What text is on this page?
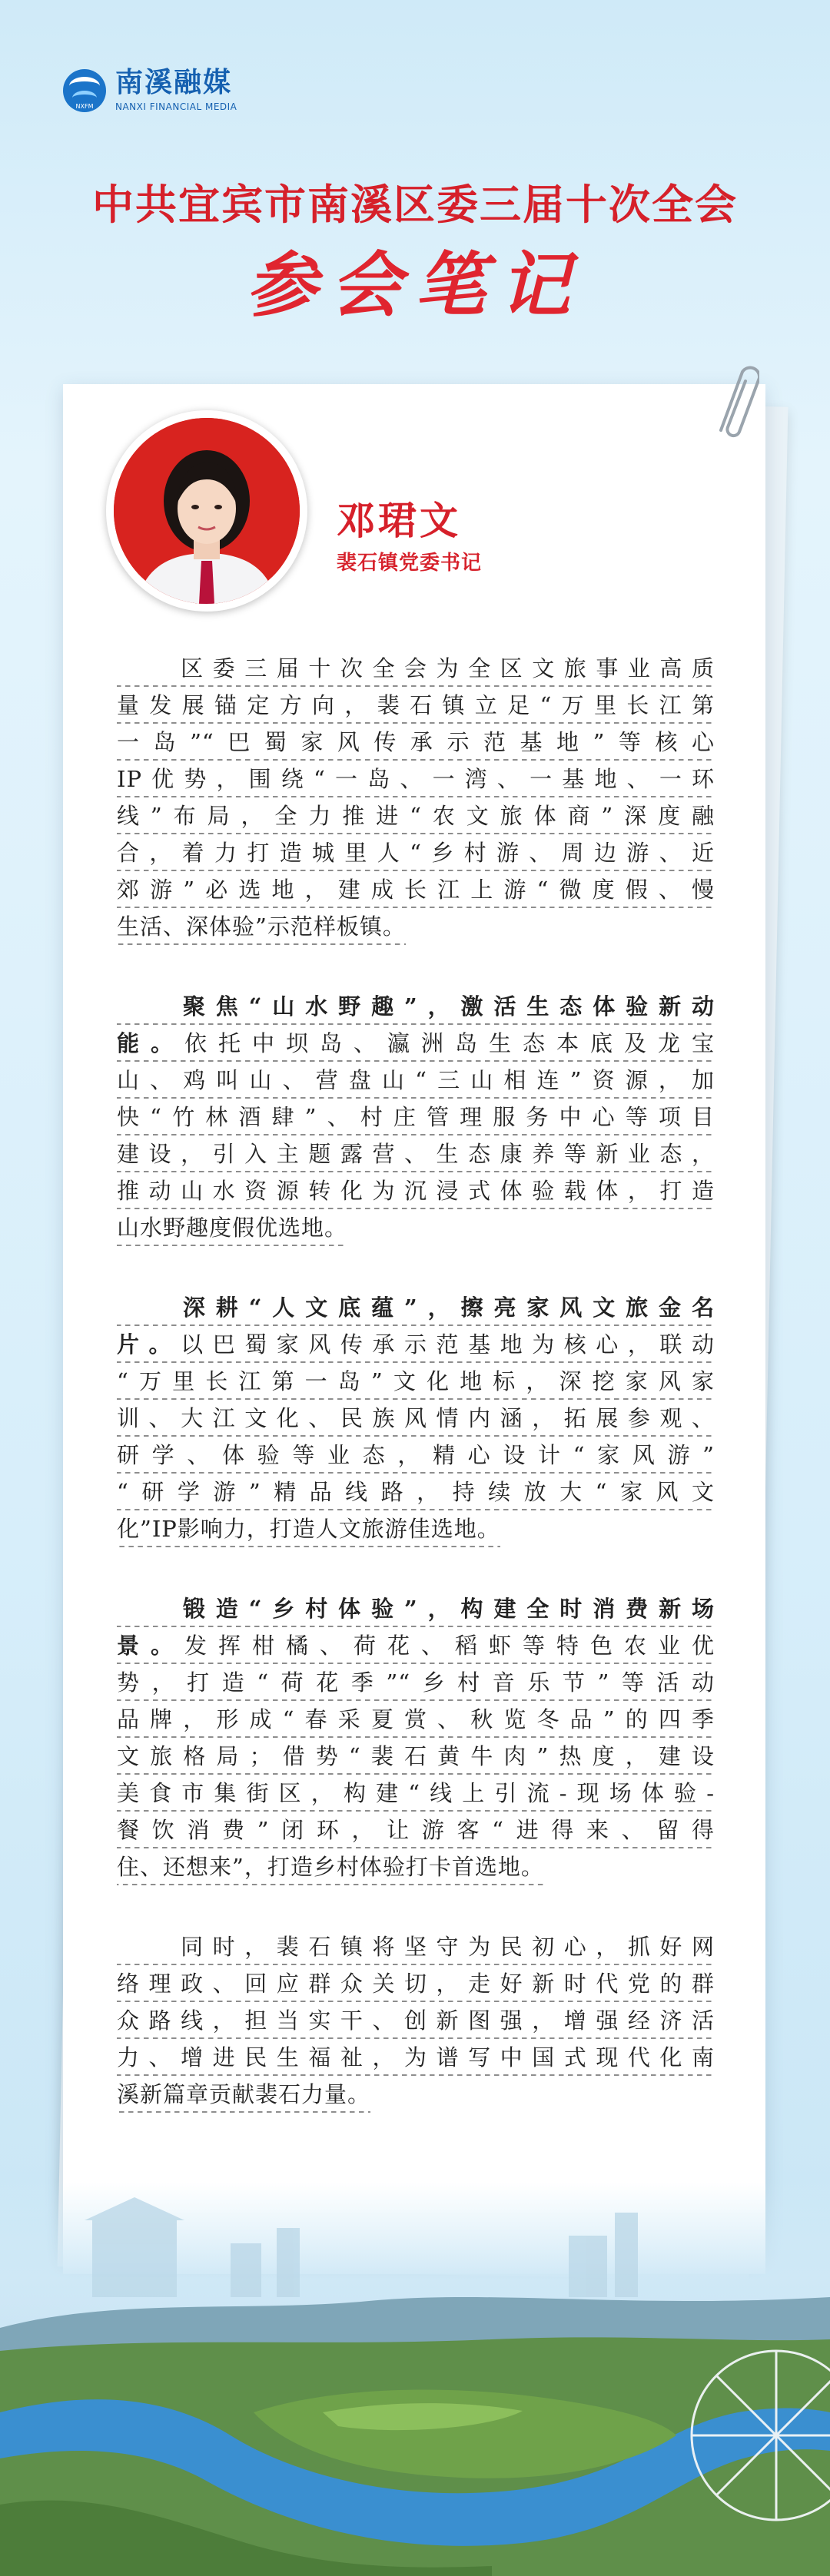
NXFM
南溪融媒
NANXI FINANCIAL MEDIA
中共宜宾市南溪区委三届十次全会
参会笔记
邓珺文
裴石镇党委书记
　　区委三届十次全会为全区文旅事业高质
量发展锚定方向，裴石镇立足“万里长江第
一岛”“巴蜀家风传承示范基地”等核心
IP优势，围绕“一岛、一湾、一基地、一环
线”布局，全力推进“农文旅体商”深度融
合，着力打造城里人“乡村游、周边游、近
郊游”必选地，建成长江上游“微度假、慢
生活、深体验”示范样板镇。
　　聚焦“山水野趣”，激活生态体验新动
能。依托中坝岛、瀛洲岛生态本底及龙宝
山、鸡叫山、营盘山“三山相连”资源，加
快“竹林酒肆”、村庄管理服务中心等项目
建设，引入主题露营、生态康养等新业态，
推动山水资源转化为沉浸式体验载体，打造
山水野趣度假优选地。
　　深耕“人文底蕴”，擦亮家风文旅金名
片。以巴蜀家风传承示范基地为核心，联动
“万里长江第一岛”文化地标，深挖家风家
训、大江文化、民族风情内涵，拓展参观、
研学、体验等业态，精心设计“家风游”
“研学游”精品线路，持续放大“家风文
化”IP影响力，打造人文旅游佳选地。
　　锻造“乡村体验”，构建全时消费新场
景。发挥柑橘、荷花、稻虾等特色农业优
势，打造“荷花季”“乡村音乐节”等活动
品牌，形成“春采夏赏、秋览冬品”的四季
文旅格局；借势“裴石黄牛肉”热度，建设
美食市集街区，构建“线上引流-现场体验-
餐饮消费”闭环，让游客“进得来、留得
住、还想来”，打造乡村体验打卡首选地。
　　同时，裴石镇将坚守为民初心，抓好网
络理政、回应群众关切，走好新时代党的群
众路线，担当实干、创新图强，增强经济活
力、增进民生福祉，为谱写中国式现代化南
溪新篇章贡献裴石力量。
